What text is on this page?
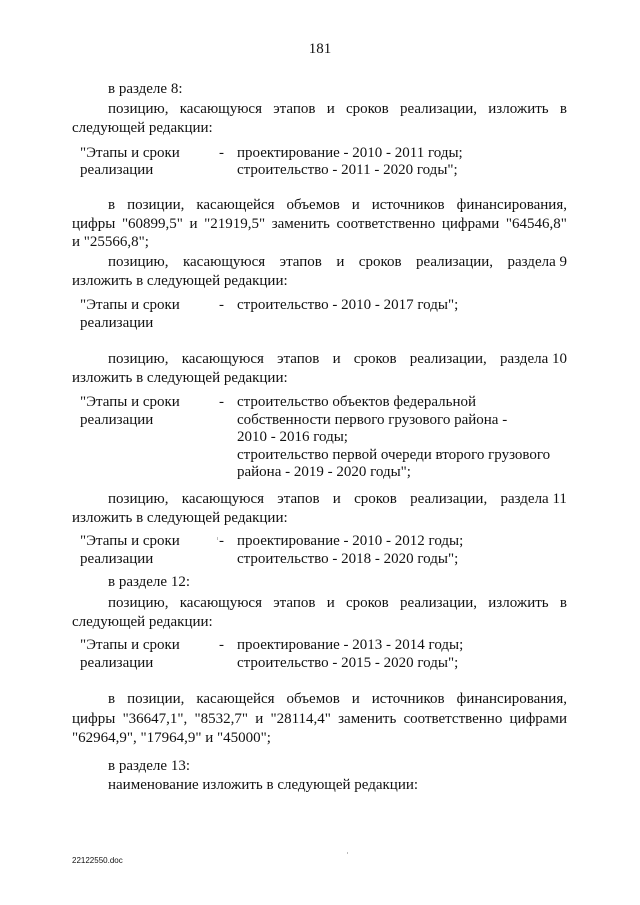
181
в разделе 8:
позицию, касающуюся этапов и сроков реализации, изложить в
следующей редакции:
"Этапы и сроки
реализации
- проектирование - 2010 - 2011 годы;
строительство - 2011 - 2020 годы";
в позиции, касающейся объемов и источников финансирования,
цифры "60899,5" и "21919,5" заменить соответственно цифрами "64546,8"
и "25566,8";
позицию, касающуюся этапов и сроков реализации, раздела 9
изложить в следующей редакции:
"Этапы и сроки
реализации
- строительство - 2010 - 2017 годы";
позицию, касающуюся этапов и сроков реализации, раздела 10
изложить в следующей редакции:
"Этапы и сроки
реализации
- строительство объектов федеральной
собственности первого грузового района -
2010 - 2016 годы;
строительство первой очереди второго грузового
района - 2019 - 2020 годы";
позицию, касающуюся этапов и сроков реализации, раздела 11
изложить в следующей редакции:
"Этапы и сроки
реализации
- проектирование - 2010 - 2012 годы;
строительство - 2018 - 2020 годы";
в разделе 12:
позицию, касающуюся этапов и сроков реализации, изложить в
следующей редакции:
"Этапы и сроки
реализации
- проектирование - 2013 - 2014 годы;
строительство - 2015 - 2020 годы";
в позиции, касающейся объемов и источников финансирования,
цифры "36647,1", "8532,7" и "28114,4" заменить соответственно цифрами
"62964,9", "17964,9" и "45000";
в разделе 13:
наименование изложить в следующей редакции:
22122550.doc
